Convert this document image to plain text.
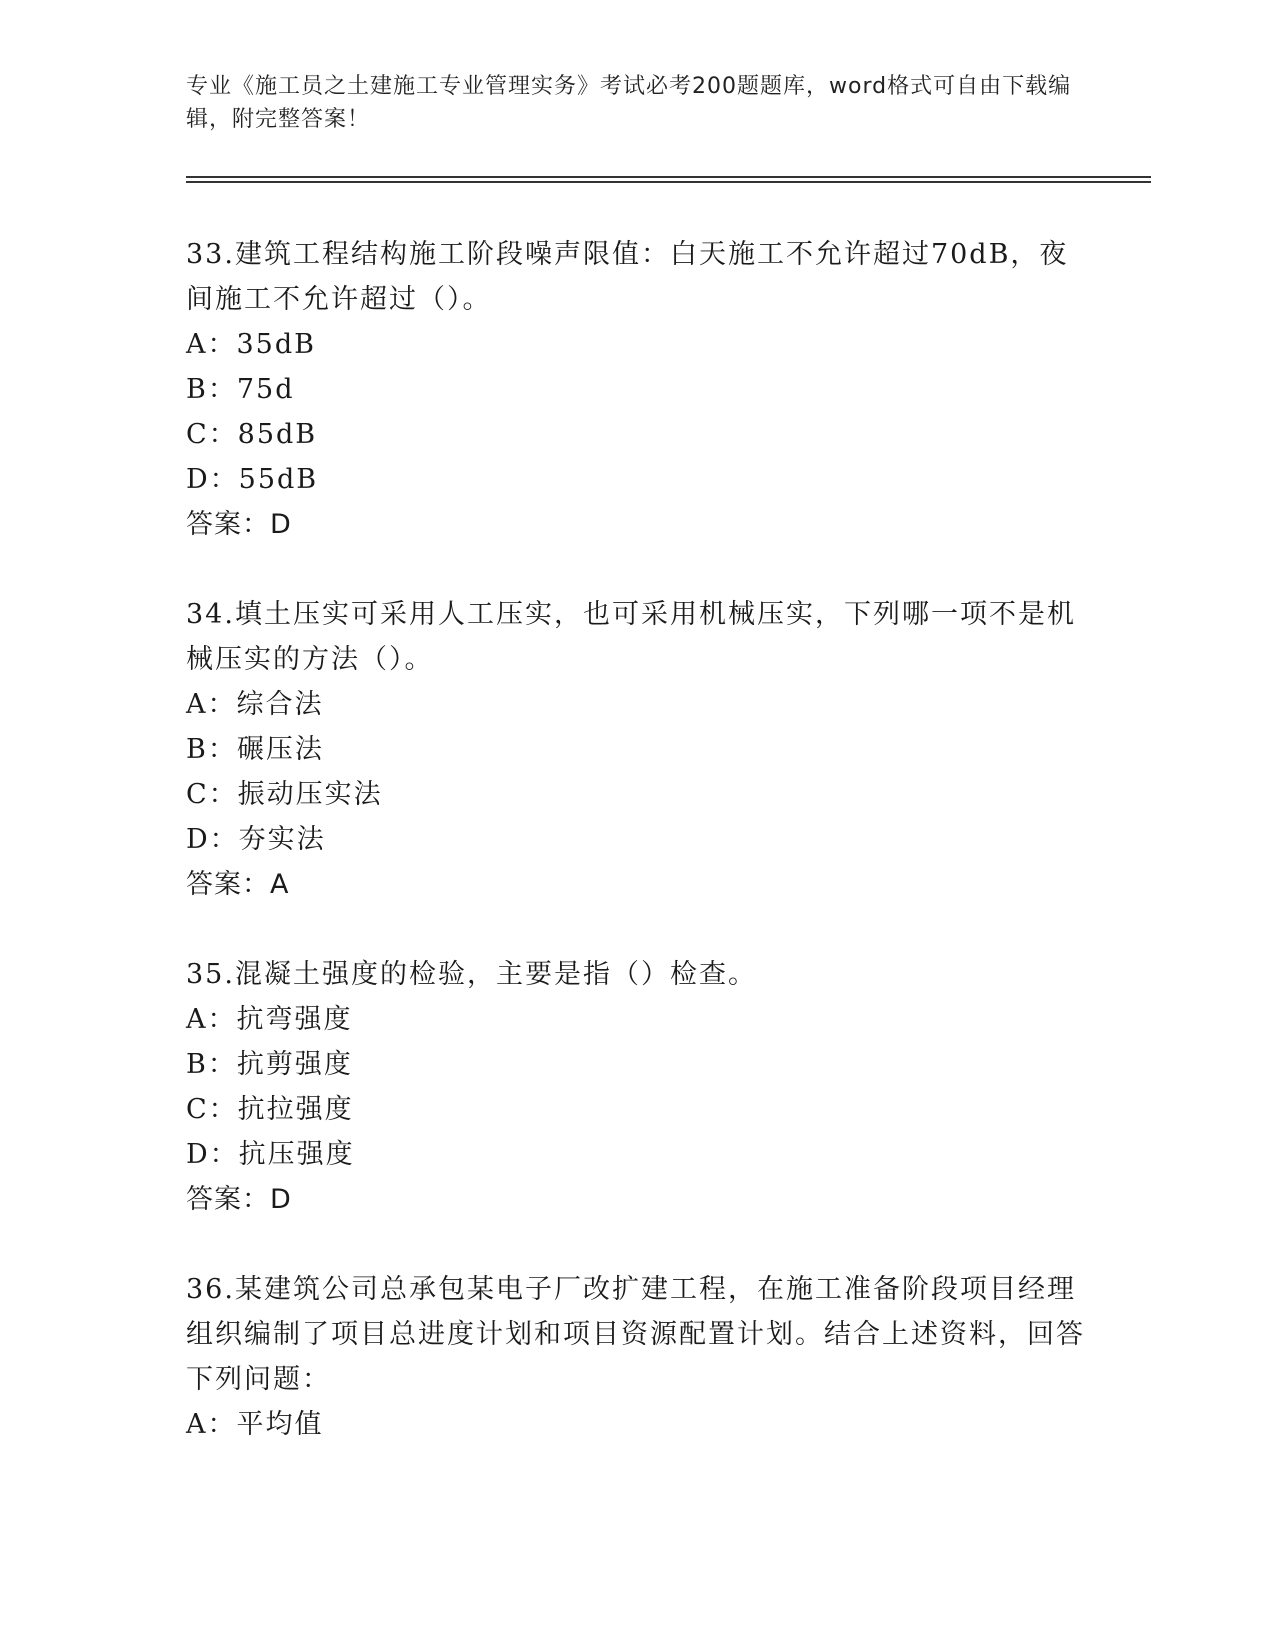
专业《施工员之土建施工专业管理实务》考试必考200题题库，word格式可自由下载编辑，附完整答案！
33.建筑工程结构施工阶段噪声限值：白天施工不允许超过70dB，夜间施工不允许超过（）。
A：35dB
B：75d
C：85dB
D：55dB
答案：D
34.填土压实可采用人工压实，也可采用机械压实，下列哪一项不是机械压实的方法（）。
A：综合法
B：碾压法
C：振动压实法
D：夯实法
答案：A
35.混凝土强度的检验，主要是指（）检查。
A：抗弯强度
B：抗剪强度
C：抗拉强度
D：抗压强度
答案：D
36.某建筑公司总承包某电子厂改扩建工程，在施工准备阶段项目经理组织编制了项目总进度计划和项目资源配置计划。结合上述资料，回答下列问题：
A：平均值
